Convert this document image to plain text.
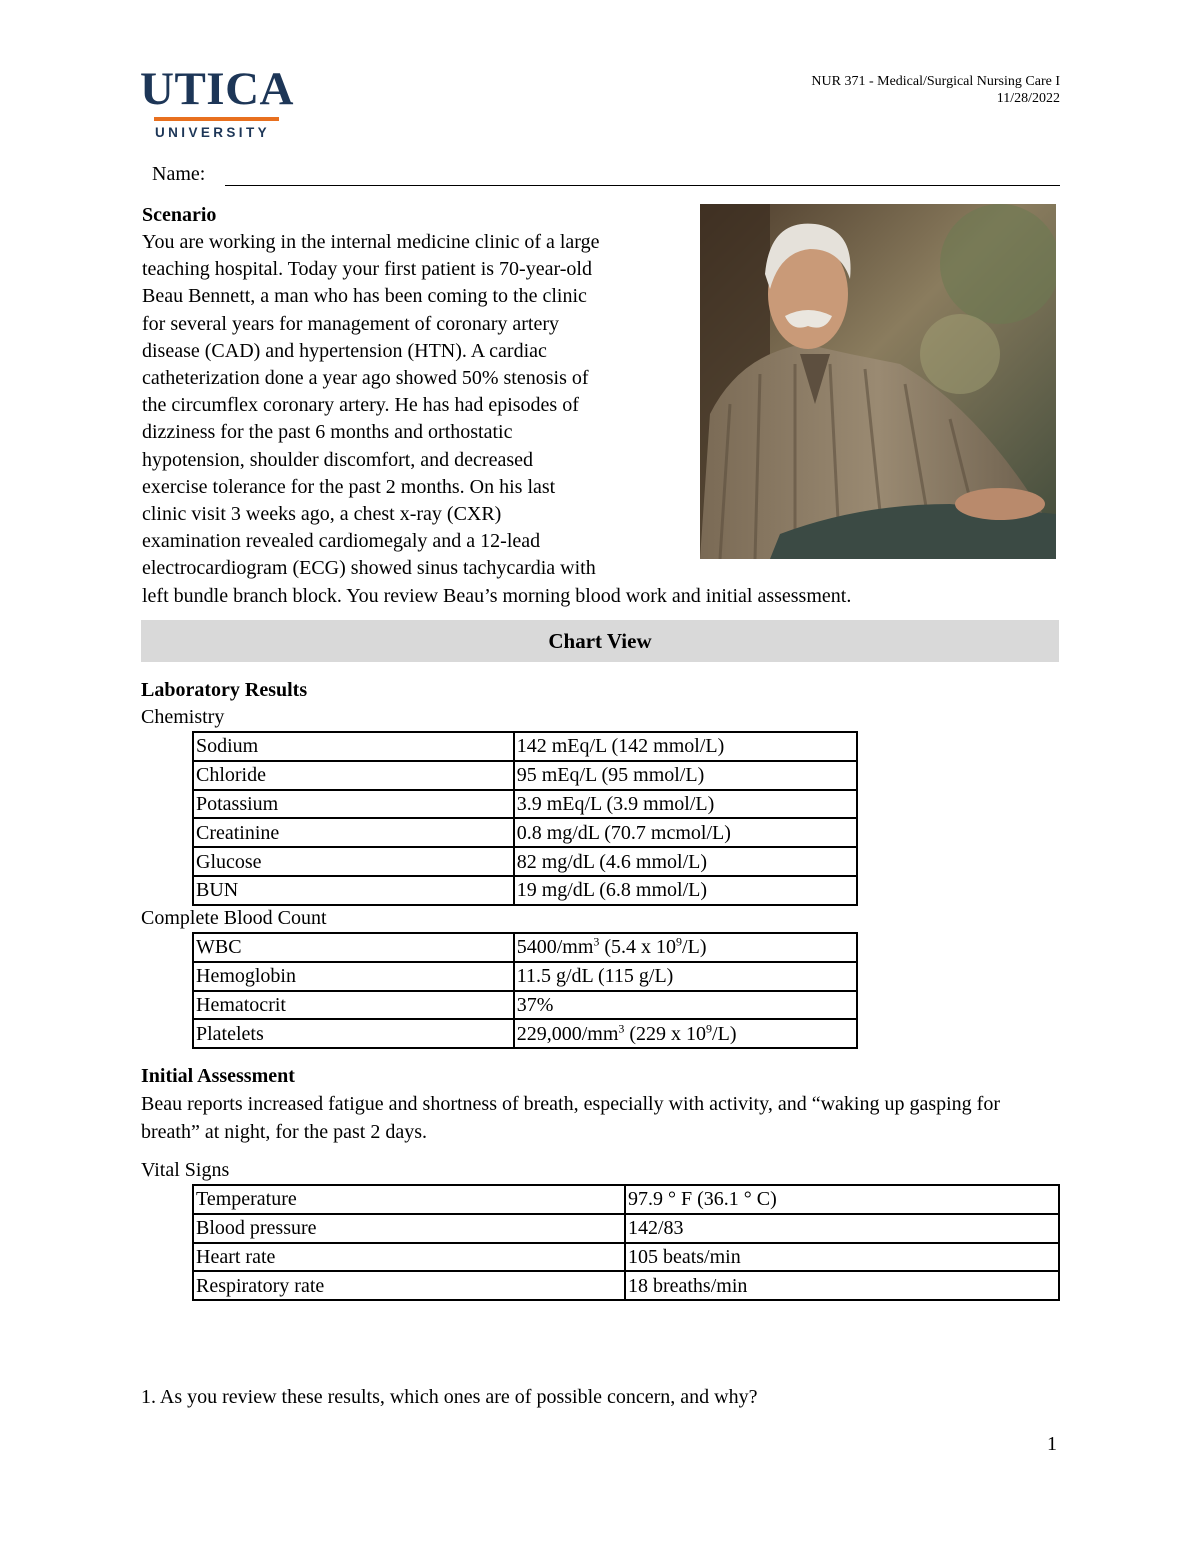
UTICA
UNIVERSITY
NUR 371 - Medical/Surgical Nursing Care I
11/28/2022
Name:
Scenario
You are working in the internal medicine clinic of a large
teaching hospital. Today your first patient is 70-year-old
Beau Bennett, a man who has been coming to the clinic
for several years for management of coronary artery
disease (CAD) and hypertension (HTN). A cardiac
catheterization done a year ago showed 50% stenosis of
the circumflex coronary artery. He has had episodes of
dizziness for the past 6 months and orthostatic
hypotension, shoulder discomfort, and decreased
exercise tolerance for the past 2 months. On his last
clinic visit 3 weeks ago, a chest x-ray (CXR)
examination revealed cardiomegaly and a 12-lead
electrocardiogram (ECG) showed sinus tachycardia with
left bundle branch block. You review Beau’s morning blood work and initial assessment.
Chart View
Laboratory Results
Chemistry
Sodium	142 mEq/L (142 mmol/L)
Chloride	95 mEq/L (95 mmol/L)
Potassium	3.9 mEq/L (3.9 mmol/L)
Creatinine	0.8 mg/dL (70.7 mcmol/L)
Glucose	82 mg/dL (4.6 mmol/L)
BUN	19 mg/dL (6.8 mmol/L)
Complete Blood Count
WBC	$5400/mm^3$ (5.4 x $10^9/L$)
Hemoglobin	11.5 g/dL (115 g/L)
Hematocrit	37%
Platelets	$229,000/mm^3$ (229 x $10^9/L$)
Initial Assessment
Beau reports increased fatigue and shortness of breath, especially with activity, and “waking up gasping for breath” at night, for the past 2 days.
Vital Signs
Temperature	97.9 ° F (36.1 ° C)
Blood pressure	142/83
Heart rate	105 beats/min
Respiratory rate	18 breaths/min
1. As you review these results, which ones are of possible concern, and why?
1
